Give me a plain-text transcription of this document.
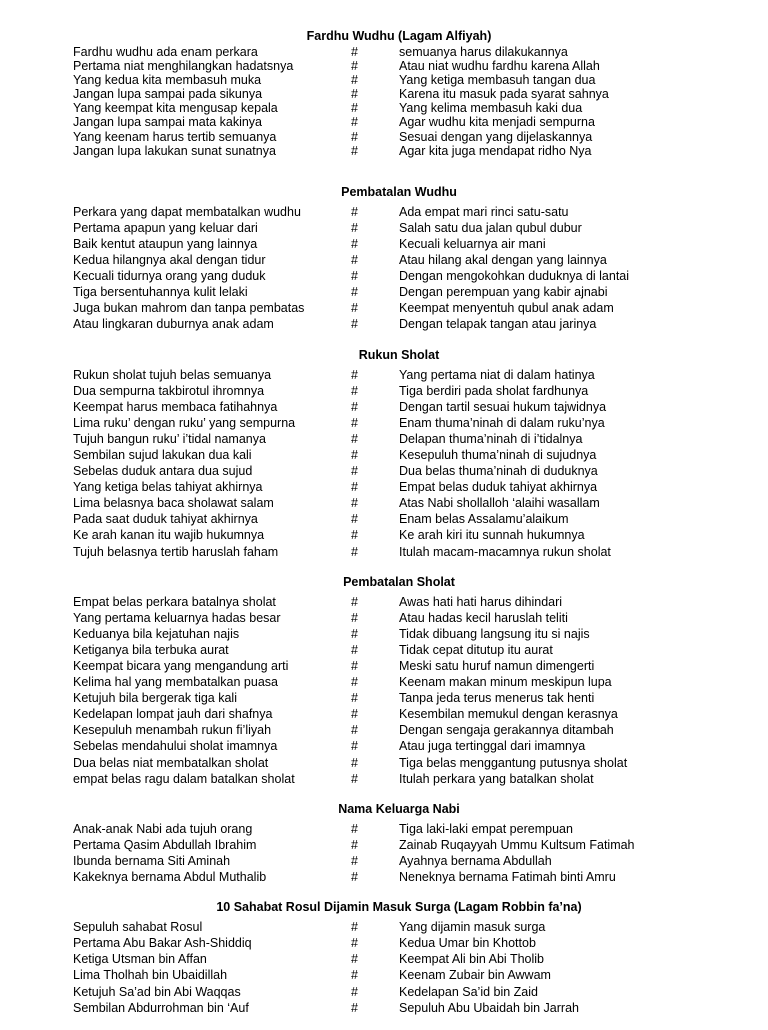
Fardhu Wudhu (Lagam Alfiyah)
Fardhu wudhu ada enam perkara	#	semuanya harus dilakukannya
Pertama niat menghilangkan hadatsnya	#	Atau niat wudhu fardhu karena Allah
Yang kedua kita membasuh muka	#	Yang ketiga membasuh tangan dua
Jangan lupa sampai pada sikunya	#	Karena itu masuk pada syarat sahnya
Yang keempat kita mengusap kepala	#	Yang kelima membasuh kaki dua
Jangan lupa sampai mata kakinya	#	Agar wudhu kita menjadi sempurna
Yang keenam harus tertib semuanya	#	Sesuai dengan yang dijelaskannya
Jangan lupa lakukan sunat sunatnya	#	Agar kita juga mendapat ridho Nya
Pembatalan Wudhu
Perkara yang dapat membatalkan wudhu	#	Ada empat mari rinci satu-satu
Pertama apapun yang keluar dari	#	Salah satu dua jalan qubul dubur
Baik kentut ataupun yang lainnya	#	Kecuali keluarnya air mani
Kedua hilangnya akal dengan tidur	#	Atau hilang akal dengan yang lainnya
Kecuali tidurnya orang yang duduk	#	Dengan mengokohkan duduknya di lantai
Tiga bersentuhannya kulit lelaki	#	Dengan perempuan yang kabir ajnabi
Juga bukan mahrom dan tanpa pembatas	#	Keempat menyentuh qubul anak adam
Atau lingkaran duburnya anak adam	#	Dengan telapak tangan atau jarinya
Rukun Sholat
Rukun sholat tujuh belas semuanya	#	Yang pertama niat di dalam hatinya
Dua sempurna takbirotul ihromnya	#	Tiga berdiri pada sholat fardhunya
Keempat harus membaca fatihahnya	#	Dengan tartil sesuai hukum tajwidnya
Lima ruku’ dengan ruku’ yang sempurna	#	Enam thuma’ninah di dalam ruku’nya
Tujuh bangun ruku’ i’tidal namanya	#	Delapan thuma’ninah di i’tidalnya
Sembilan sujud lakukan dua kali	#	Kesepuluh thuma’ninah di sujudnya
Sebelas duduk antara dua sujud	#	Dua belas thuma’ninah di duduknya
Yang ketiga belas tahiyat akhirnya	#	Empat belas duduk tahiyat akhirnya
Lima belasnya baca sholawat salam	#	Atas Nabi shollalloh ‘alaihi wasallam
Pada saat duduk tahiyat akhirnya	#	Enam belas Assalamu’alaikum
Ke arah kanan itu wajib hukumnya	#	Ke arah kiri itu sunnah hukumnya
Tujuh belasnya tertib haruslah faham	#	Itulah macam-macamnya rukun sholat
Pembatalan Sholat
Empat belas perkara batalnya sholat	#	Awas hati hati harus dihindari
Yang pertama keluarnya hadas besar	#	Atau hadas kecil haruslah teliti
Keduanya bila kejatuhan najis	#	Tidak dibuang langsung itu si najis
Ketiganya bila terbuka aurat	#	Tidak cepat ditutup itu aurat
Keempat bicara yang mengandung arti	#	Meski satu huruf namun dimengerti
Kelima hal yang membatalkan puasa	#	Keenam makan minum meskipun lupa
Ketujuh bila bergerak tiga kali	#	Tanpa jeda terus menerus tak henti
Kedelapan lompat jauh dari shafnya	#	Kesembilan memukul dengan kerasnya
Kesepuluh menambah rukun fi’liyah	#	Dengan sengaja gerakannya ditambah
Sebelas mendahului sholat imamnya	#	Atau juga tertinggal dari imamnya
Dua belas niat membatalkan sholat	#	Tiga belas menggantung putusnya sholat
empat belas ragu dalam batalkan sholat	#	Itulah perkara yang batalkan sholat
Nama Keluarga Nabi
Anak-anak Nabi ada tujuh orang	#	Tiga laki-laki empat perempuan
Pertama Qasim Abdullah Ibrahim	#	Zainab Ruqayyah Ummu Kultsum Fatimah
Ibunda bernama Siti Aminah	#	Ayahnya bernama Abdullah
Kakeknya bernama Abdul Muthalib	#	Neneknya bernama Fatimah binti Amru
10 Sahabat Rosul Dijamin Masuk Surga (Lagam Robbin fa’na)
Sepuluh sahabat Rosul	#	Yang dijamin masuk surga
Pertama Abu Bakar Ash-Shiddiq	#	Kedua Umar bin Khottob
Ketiga Utsman bin Affan	#	Keempat Ali bin Abi Tholib
Lima Tholhah bin Ubaidillah	#	Keenam Zubair bin Awwam
Ketujuh Sa’ad bin Abi Waqqas	#	Kedelapan Sa’id bin Zaid
Sembilan Abdurrohman bin ‘Auf	#	Sepuluh Abu Ubaidah bin Jarrah
